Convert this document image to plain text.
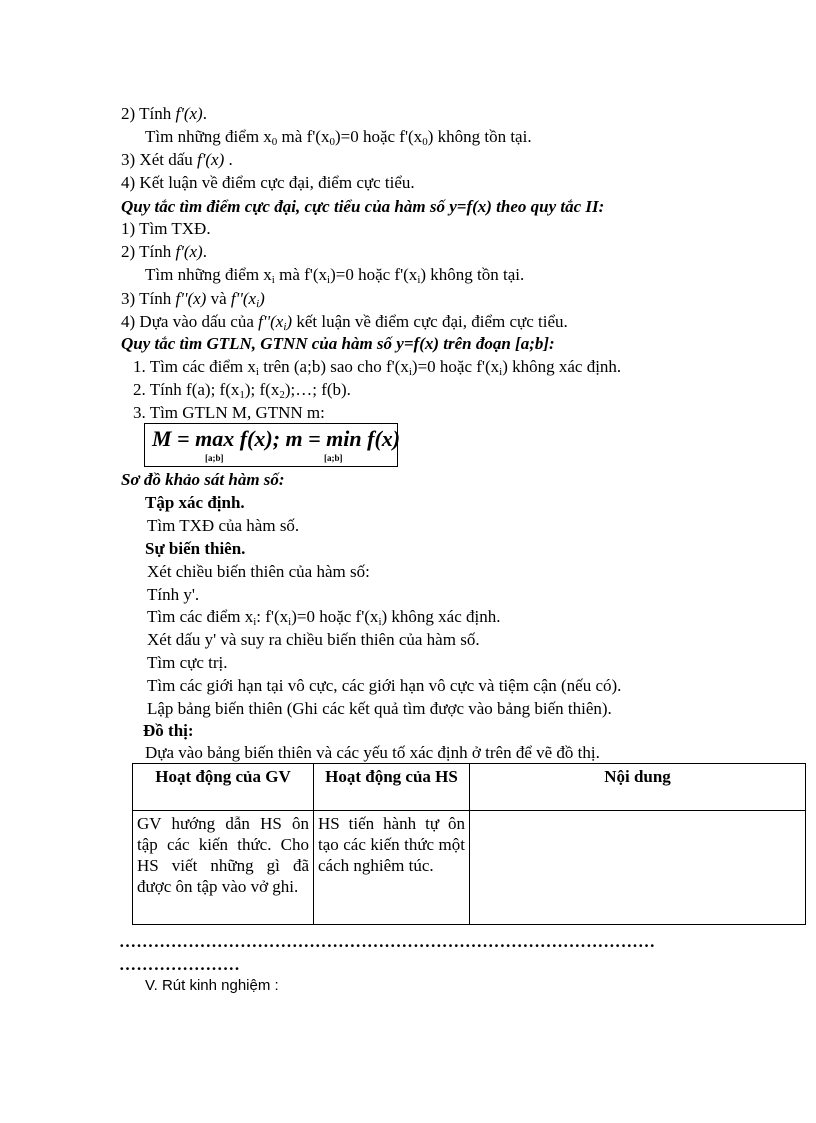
2) Tính f'(x).
Tìm những điểm $x_0$ mà $f'(x_0)=0$ hoặc $f'(x_0)$ không tồn tại.
3) Xét dấu f'(x) .
4) Kết luận về điểm cực đại, điểm cực tiểu.
Quy tắc tìm điểm cực đại, cực tiểu của hàm số y=f(x) theo quy tắc II:
1) Tìm TXĐ.
2) Tính f'(x).
Tìm những điểm $x_i$ mà $f'(x_i)=0$ hoặc $f'(x_i)$ không tồn tại.
3) Tính f''(x) và $f''(x_i)$
4) Dựa vào dấu của $f''(x_i)$ kết luận về điểm cực đại, điểm cực tiểu.
Quy tắc tìm GTLN, GTNN của hàm số y=f(x) trên đoạn [a;b]:
1. Tìm các điểm $x_i$ trên (a;b) sao cho $f'(x_i)=0$ hoặc $f'(x_i)$ không xác định.
2. Tính f(a); $f(x_1)$; $f(x_2);\dots$; f(b).
3. Tìm GTLN M, GTNN m:
M = max f(x); m = min f(x)
[a;b]	[a;b]
Sơ đồ khảo sát hàm số:
Tập xác định.
Tìm TXĐ của hàm số.
Sự biến thiên.
Xét chiều biến thiên của hàm số:
Tính y'.
Tìm các điểm $x_i$: $f'(x_i)=0$ hoặc $f'(x_i)$ không xác định.
Xét dấu y' và suy ra chiều biến thiên của hàm số.
Tìm cực trị.
Tìm các giới hạn tại vô cực, các giới hạn vô cực và tiệm cận (nếu có).
Lập bảng biến thiên (Ghi các kết quả tìm được vào bảng biến thiên).
Đồ thị:
Dựa vào bảng biến thiên và các yếu tố xác định ở trên để vẽ đồ thị.
Hoạt động của GV	Hoạt động của HS	Nội dung
GV hướng dẫn HS ôn tập các kiến thức. Cho HS viết những gì đã được ôn tập vào vở ghi.	HS tiến hành tự ôn tạo các kiến thức một cách nghiêm túc.	
…………………………………………………………………………………
…………………
V. Rút kinh nghiệm :
